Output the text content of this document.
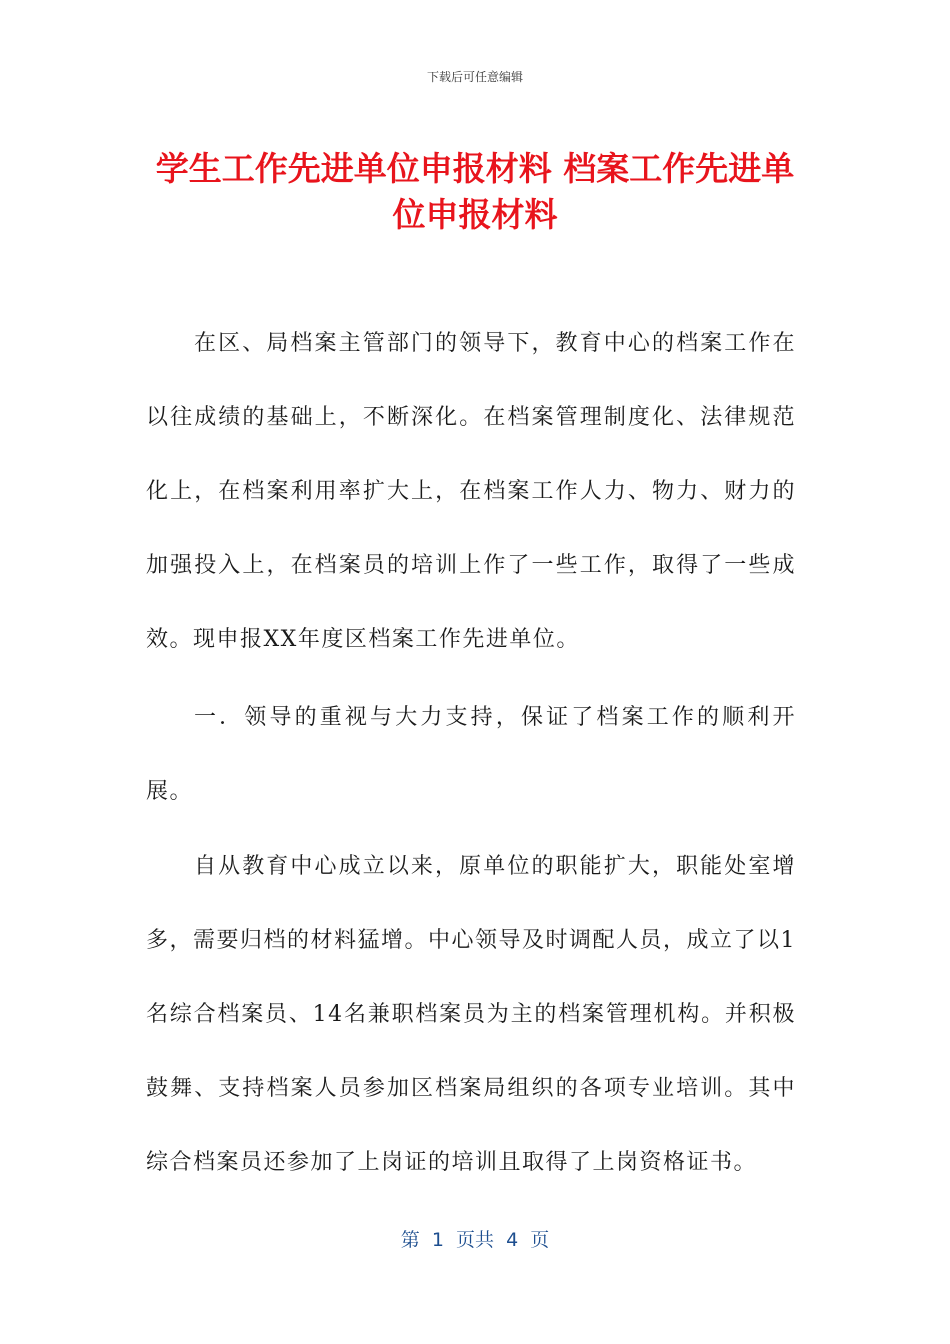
下载后可任意编辑
学生工作先进单位申报材料 档案工作先进单位申报材料

在区、局档案主管部门的领导下，教育中心的档案工作在以往成绩的基础上，不断深化。在档案管理制度化、法律规范化上，在档案利用率扩大上，在档案工作人力、物力、财力的加强投入上，在档案员的培训上作了一些工作，取得了一些成效。现申报XX年度区档案工作先进单位。

一．领导的重视与大力支持，保证了档案工作的顺利开展。

自从教育中心成立以来，原单位的职能扩大，职能处室增多，需要归档的材料猛增。中心领导及时调配人员，成立了以1名综合档案员、14名兼职档案员为主的档案管理机构。并积极鼓舞、支持档案人员参加区档案局组织的各项专业培训。其中综合档案员还参加了上岗证的培训且取得了上岗资格证书。

第  1  页共  4  页
